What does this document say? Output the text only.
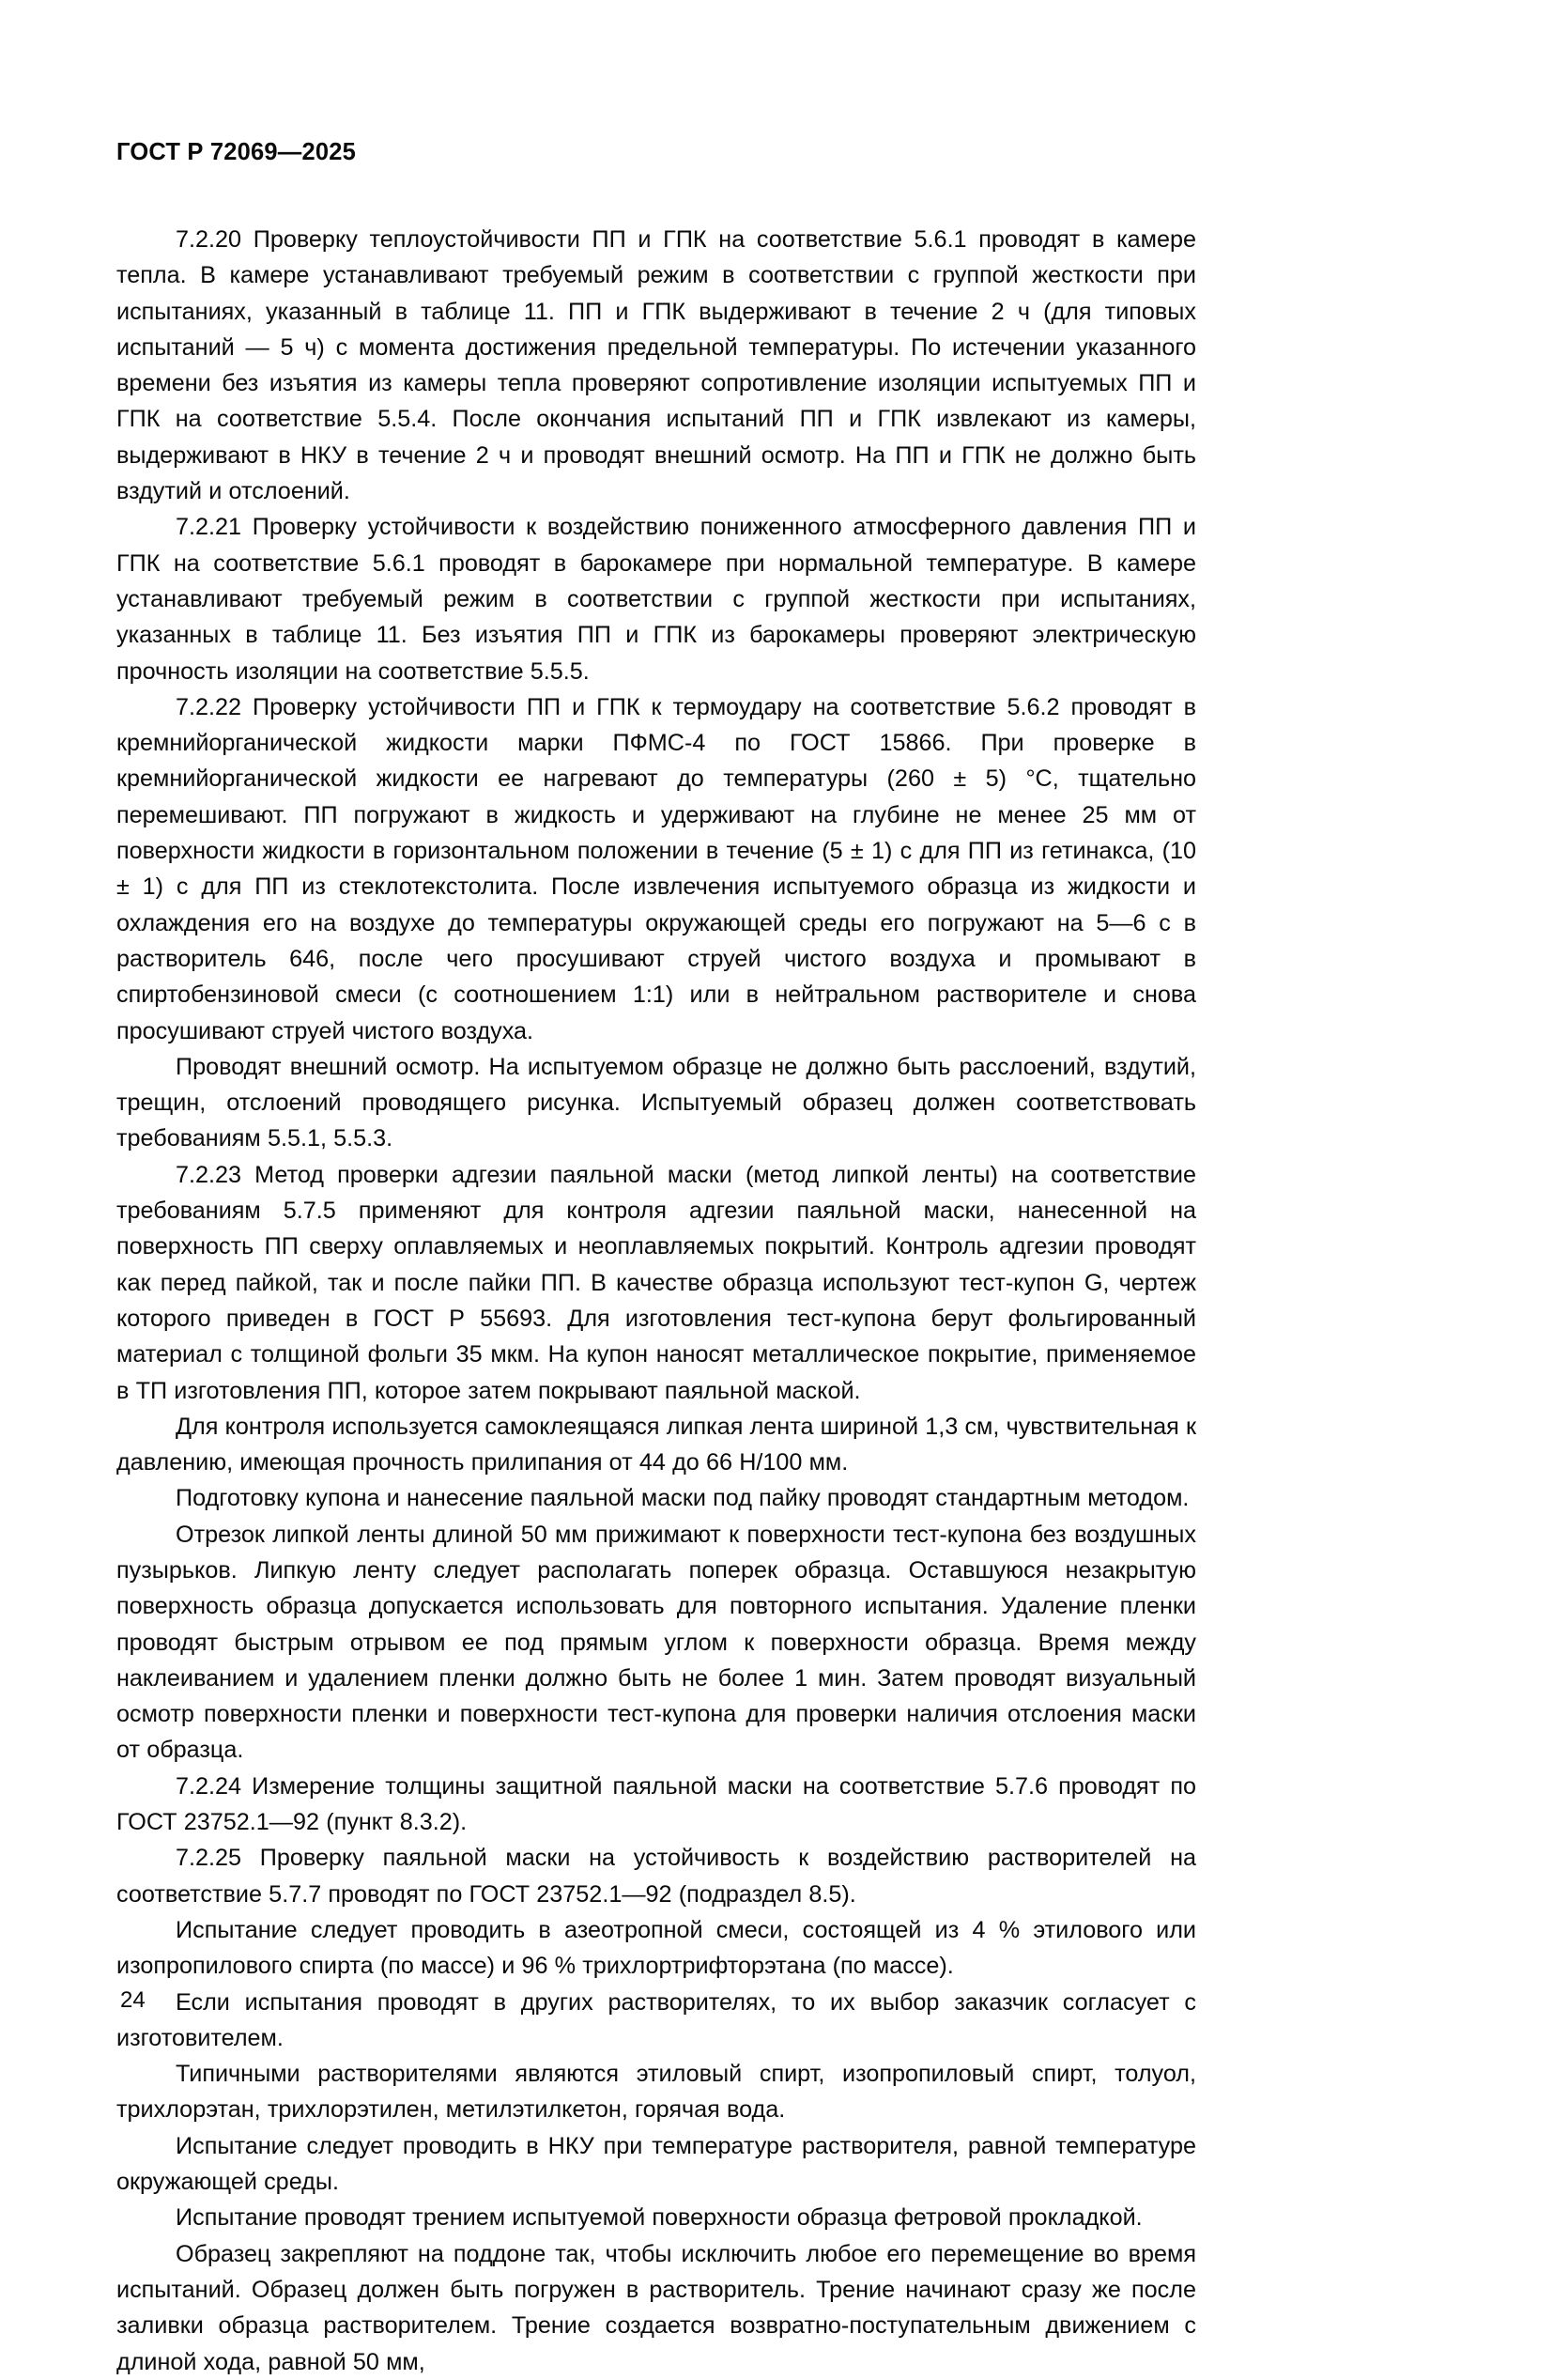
ГОСТ Р 72069—2025

7.2.20 Проверку теплоустойчивости ПП и ГПК на соответствие 5.6.1 проводят в камере тепла. В камере устанавливают требуемый режим в соответствии с группой жесткости при испытаниях, указанный в таблице 11. ПП и ГПК выдерживают в течение 2 ч (для типовых испытаний — 5 ч) с момента достижения предельной температуры. По истечении указанного времени без изъятия из камеры тепла проверяют сопротивление изоляции испытуемых ПП и ГПК на соответствие 5.5.4. После окончания испытаний ПП и ГПК извлекают из камеры, выдерживают в НКУ в течение 2 ч и проводят внешний осмотр. На ПП и ГПК не должно быть вздутий и отслоений.

7.2.21 Проверку устойчивости к воздействию пониженного атмосферного давления ПП и ГПК на соответствие 5.6.1 проводят в барокамере при нормальной температуре. В камере устанавливают требуемый режим в соответствии с группой жесткости при испытаниях, указанных в таблице 11. Без изъятия ПП и ГПК из барокамеры проверяют электрическую прочность изоляции на соответствие 5.5.5.

7.2.22 Проверку устойчивости ПП и ГПК к термоудару на соответствие 5.6.2 проводят в кремнийорганической жидкости марки ПФМС-4 по ГОСТ 15866. При проверке в кремнийорганической жидкости ее нагревают до температуры (260 ± 5) °С, тщательно перемешивают. ПП погружают в жидкость и удерживают на глубине не менее 25 мм от поверхности жидкости в горизонтальном положении в течение (5 ± 1) с для ПП из гетинакса, (10 ± 1) с для ПП из стеклотекстолита. После извлечения испытуемого образца из жидкости и охлаждения его на воздухе до температуры окружающей среды его погружают на 5—6 с в растворитель 646, после чего просушивают струей чистого воздуха и промывают в спиртобензиновой смеси (с соотношением 1:1) или в нейтральном растворителе и снова просушивают струей чистого воздуха.

Проводят внешний осмотр. На испытуемом образце не должно быть расслоений, вздутий, трещин, отслоений проводящего рисунка. Испытуемый образец должен соответствовать требованиям 5.5.1, 5.5.3.

7.2.23 Метод проверки адгезии паяльной маски (метод липкой ленты) на соответствие требованиям 5.7.5 применяют для контроля адгезии паяльной маски, нанесенной на поверхность ПП сверху оплавляемых и неоплавляемых покрытий. Контроль адгезии проводят как перед пайкой, так и после пайки ПП. В качестве образца используют тест-купон G, чертеж которого приведен в ГОСТ Р 55693. Для изготовления тест-купона берут фольгированный материал с толщиной фольги 35 мкм. На купон наносят металлическое покрытие, применяемое в ТП изготовления ПП, которое затем покрывают паяльной маской.

Для контроля используется самоклеящаяся липкая лента шириной 1,3 см, чувствительная к давлению, имеющая прочность прилипания от 44 до 66 Н/100 мм.

Подготовку купона и нанесение паяльной маски под пайку проводят стандартным методом.

Отрезок липкой ленты длиной 50 мм прижимают к поверхности тест-купона без воздушных пузырьков. Липкую ленту следует располагать поперек образца. Оставшуюся незакрытую поверхность образца допускается использовать для повторного испытания. Удаление пленки проводят быстрым отрывом ее под прямым углом к поверхности образца. Время между наклеиванием и удалением пленки должно быть не более 1 мин. Затем проводят визуальный осмотр поверхности пленки и поверхности тест-купона для проверки наличия отслоения маски от образца.

7.2.24 Измерение толщины защитной паяльной маски на соответствие 5.7.6 проводят по ГОСТ 23752.1—92 (пункт 8.3.2).

7.2.25 Проверку паяльной маски на устойчивость к воздействию растворителей на соответствие 5.7.7 проводят по ГОСТ 23752.1—92 (подраздел 8.5).

Испытание следует проводить в азеотропной смеси, состоящей из 4 % этилового или изопропилового спирта (по массе) и 96 % трихлортрифторэтана (по массе).

Если испытания проводят в других растворителях, то их выбор заказчик согласует с изготовителем.

Типичными растворителями являются этиловый спирт, изопропиловый спирт, толуол, трихлорэтан, трихлорэтилен, метилэтилкетон, горячая вода.

Испытание следует проводить в НКУ при температуре растворителя, равной температуре окружающей среды.

Испытание проводят трением испытуемой поверхности образца фетровой прокладкой.

Образец закрепляют на поддоне так, чтобы исключить любое его перемещение во время испытаний. Образец должен быть погружен в растворитель. Трение начинают сразу же после заливки образца растворителем. Трение создается возвратно-поступательным движением с длиной хода, равной 50 мм,

24
